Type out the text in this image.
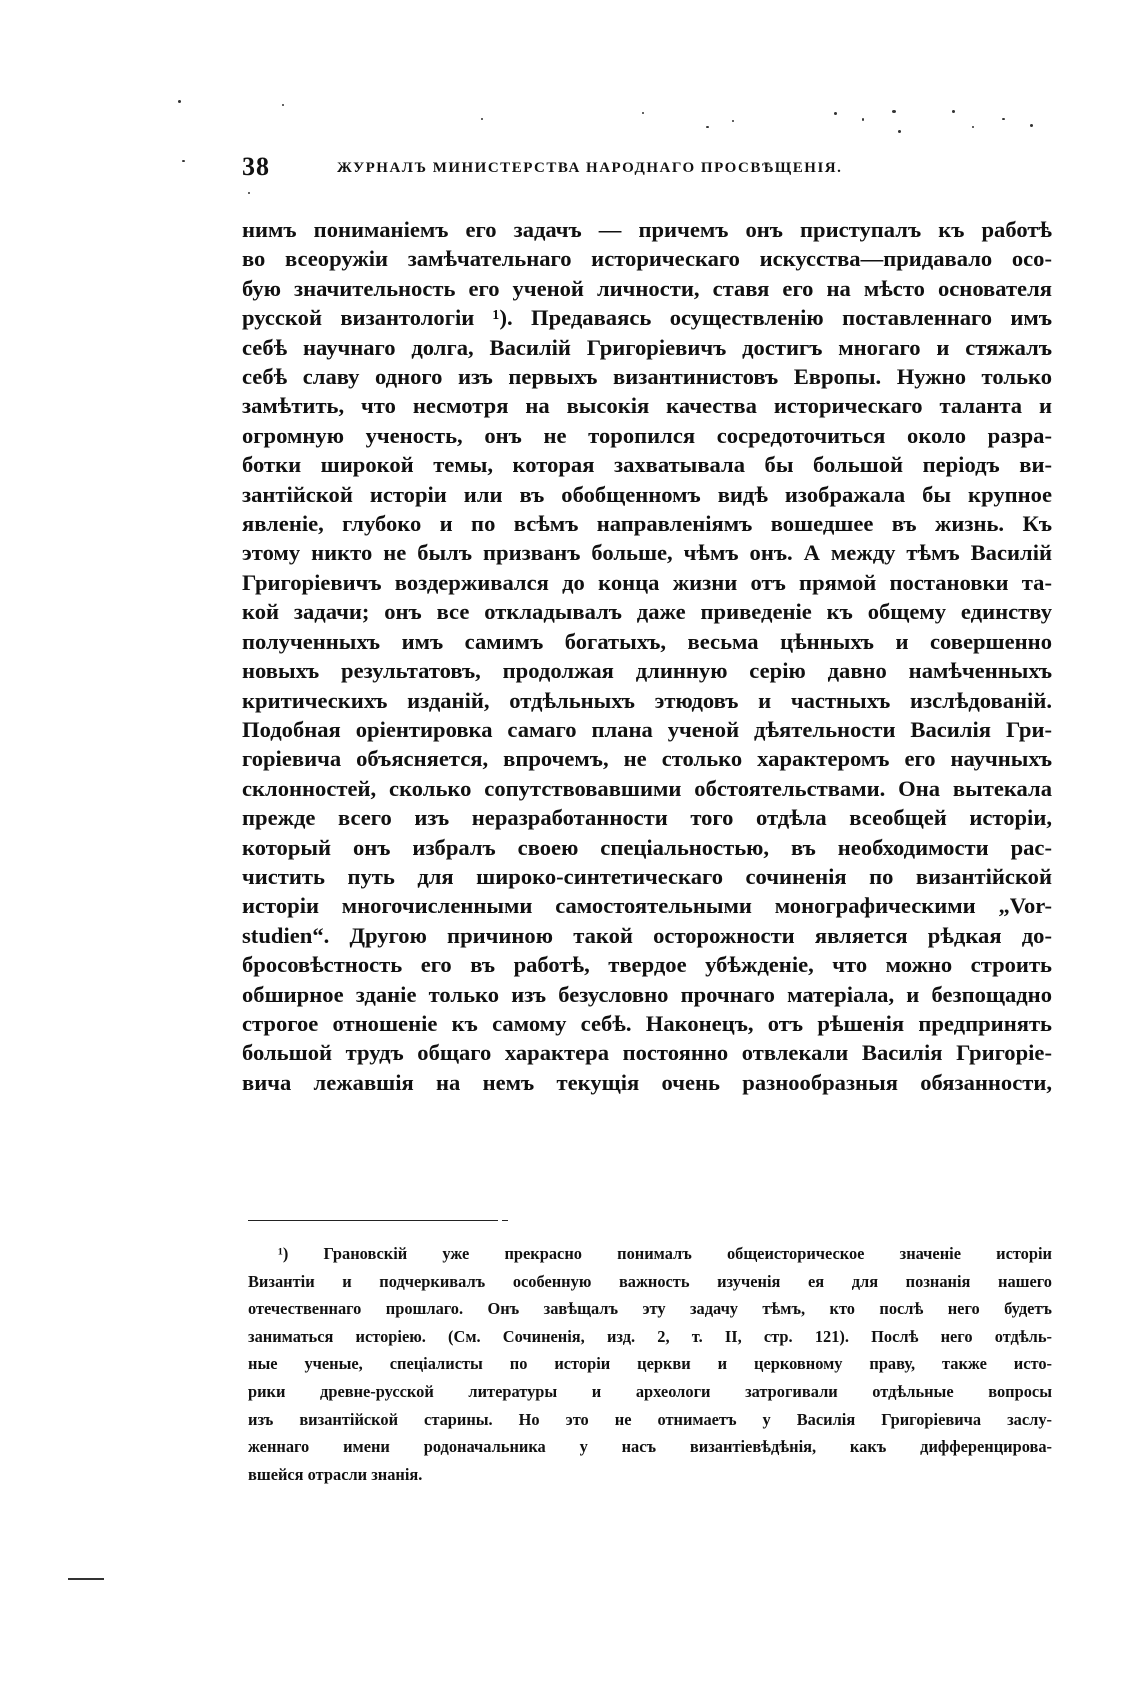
38	ЖУРНАЛЪ МИНИСТЕРСТВА НАРОДНАГО ПРОСВѢЩЕНІЯ.
нимъ пониманіемъ его задачъ — причемъ онъ приступалъ къ работѣ
во всеоружіи замѣчательнаго историческаго искусства—придавало осо-
бую значительность его ученой личности, ставя его на мѣсто основателя
русской византологіи ¹). Предаваясь осуществленію поставленнаго имъ
себѣ научнаго долга, Василій Григоріевичъ достигъ многаго и стяжалъ
себѣ славу одного изъ первыхъ византинистовъ Европы. Нужно только
замѣтить, что несмотря на высокія качества историческаго таланта и
огромную ученость, онъ не торопился сосредоточиться около разра-
ботки широкой темы, которая захватывала бы большой періодъ ви-
зантійской исторіи или въ обобщенномъ видѣ изображала бы крупное
явленіе, глубоко и по всѣмъ направленіямъ вошедшее въ жизнь. Къ
этому никто не былъ призванъ больше, чѣмъ онъ. А между тѣмъ Василій
Григоріевичъ воздерживался до конца жизни отъ прямой постановки та-
кой задачи; онъ все откладывалъ даже приведеніе къ общему единству
полученныхъ имъ самимъ богатыхъ, весьма цѣнныхъ и совершенно
новыхъ результатовъ, продолжая длинную серію давно намѣченныхъ
критическихъ изданій, отдѣльныхъ этюдовъ и частныхъ изслѣдованій.
Подобная оріентировка самаго плана ученой дѣятельности Василія Гри-
горіевича объясняется, впрочемъ, не столько характеромъ его научныхъ
склонностей, сколько сопутствовавшими обстоятельствами. Она вытекала
прежде всего изъ неразработанности того отдѣла всеобщей исторіи,
который онъ избралъ своею спеціальностью, въ необходимости рас-
чистить путь для широко-синтетическаго сочиненія по византійской
исторіи многочисленными самостоятельными монографическими „Vor-
studien“. Другою причиною такой осторожности является рѣдкая до-
бросовѣстность его въ работѣ, твердое убѣжденіе, что можно строить
обширное зданіе только изъ безусловно прочнаго матеріала, и безпощадно
строгое отношеніе къ самому себѣ. Наконецъ, отъ рѣшенія предпринять
большой трудъ общаго характера постоянно отвлекали Василія Григоріе-
вича лежавшія на немъ текущія очень разнообразныя обязанности,
¹) Грановскій уже прекрасно понималъ общеисторическое значеніе исторіи
Византіи и подчеркивалъ особенную важность изученія ея для познанія нашего
отечественнаго прошлаго. Онъ завѣщалъ эту задачу тѣмъ, кто послѣ него будетъ
заниматься исторіею. (См. Сочиненія, изд. 2, т. II, стр. 121). Послѣ него отдѣль-
ные ученые, спеціалисты по исторіи церкви и церковному праву, также исто-
рики древне-русской литературы и археологи затрогивали отдѣльные вопросы
изъ византійской старины. Но это не отнимаетъ у Василія Григоріевича заслу-
женнаго имени родоначальника у насъ византіевѣдѣнія, какъ дифференцирова-
вшейся отрасли знанія.
